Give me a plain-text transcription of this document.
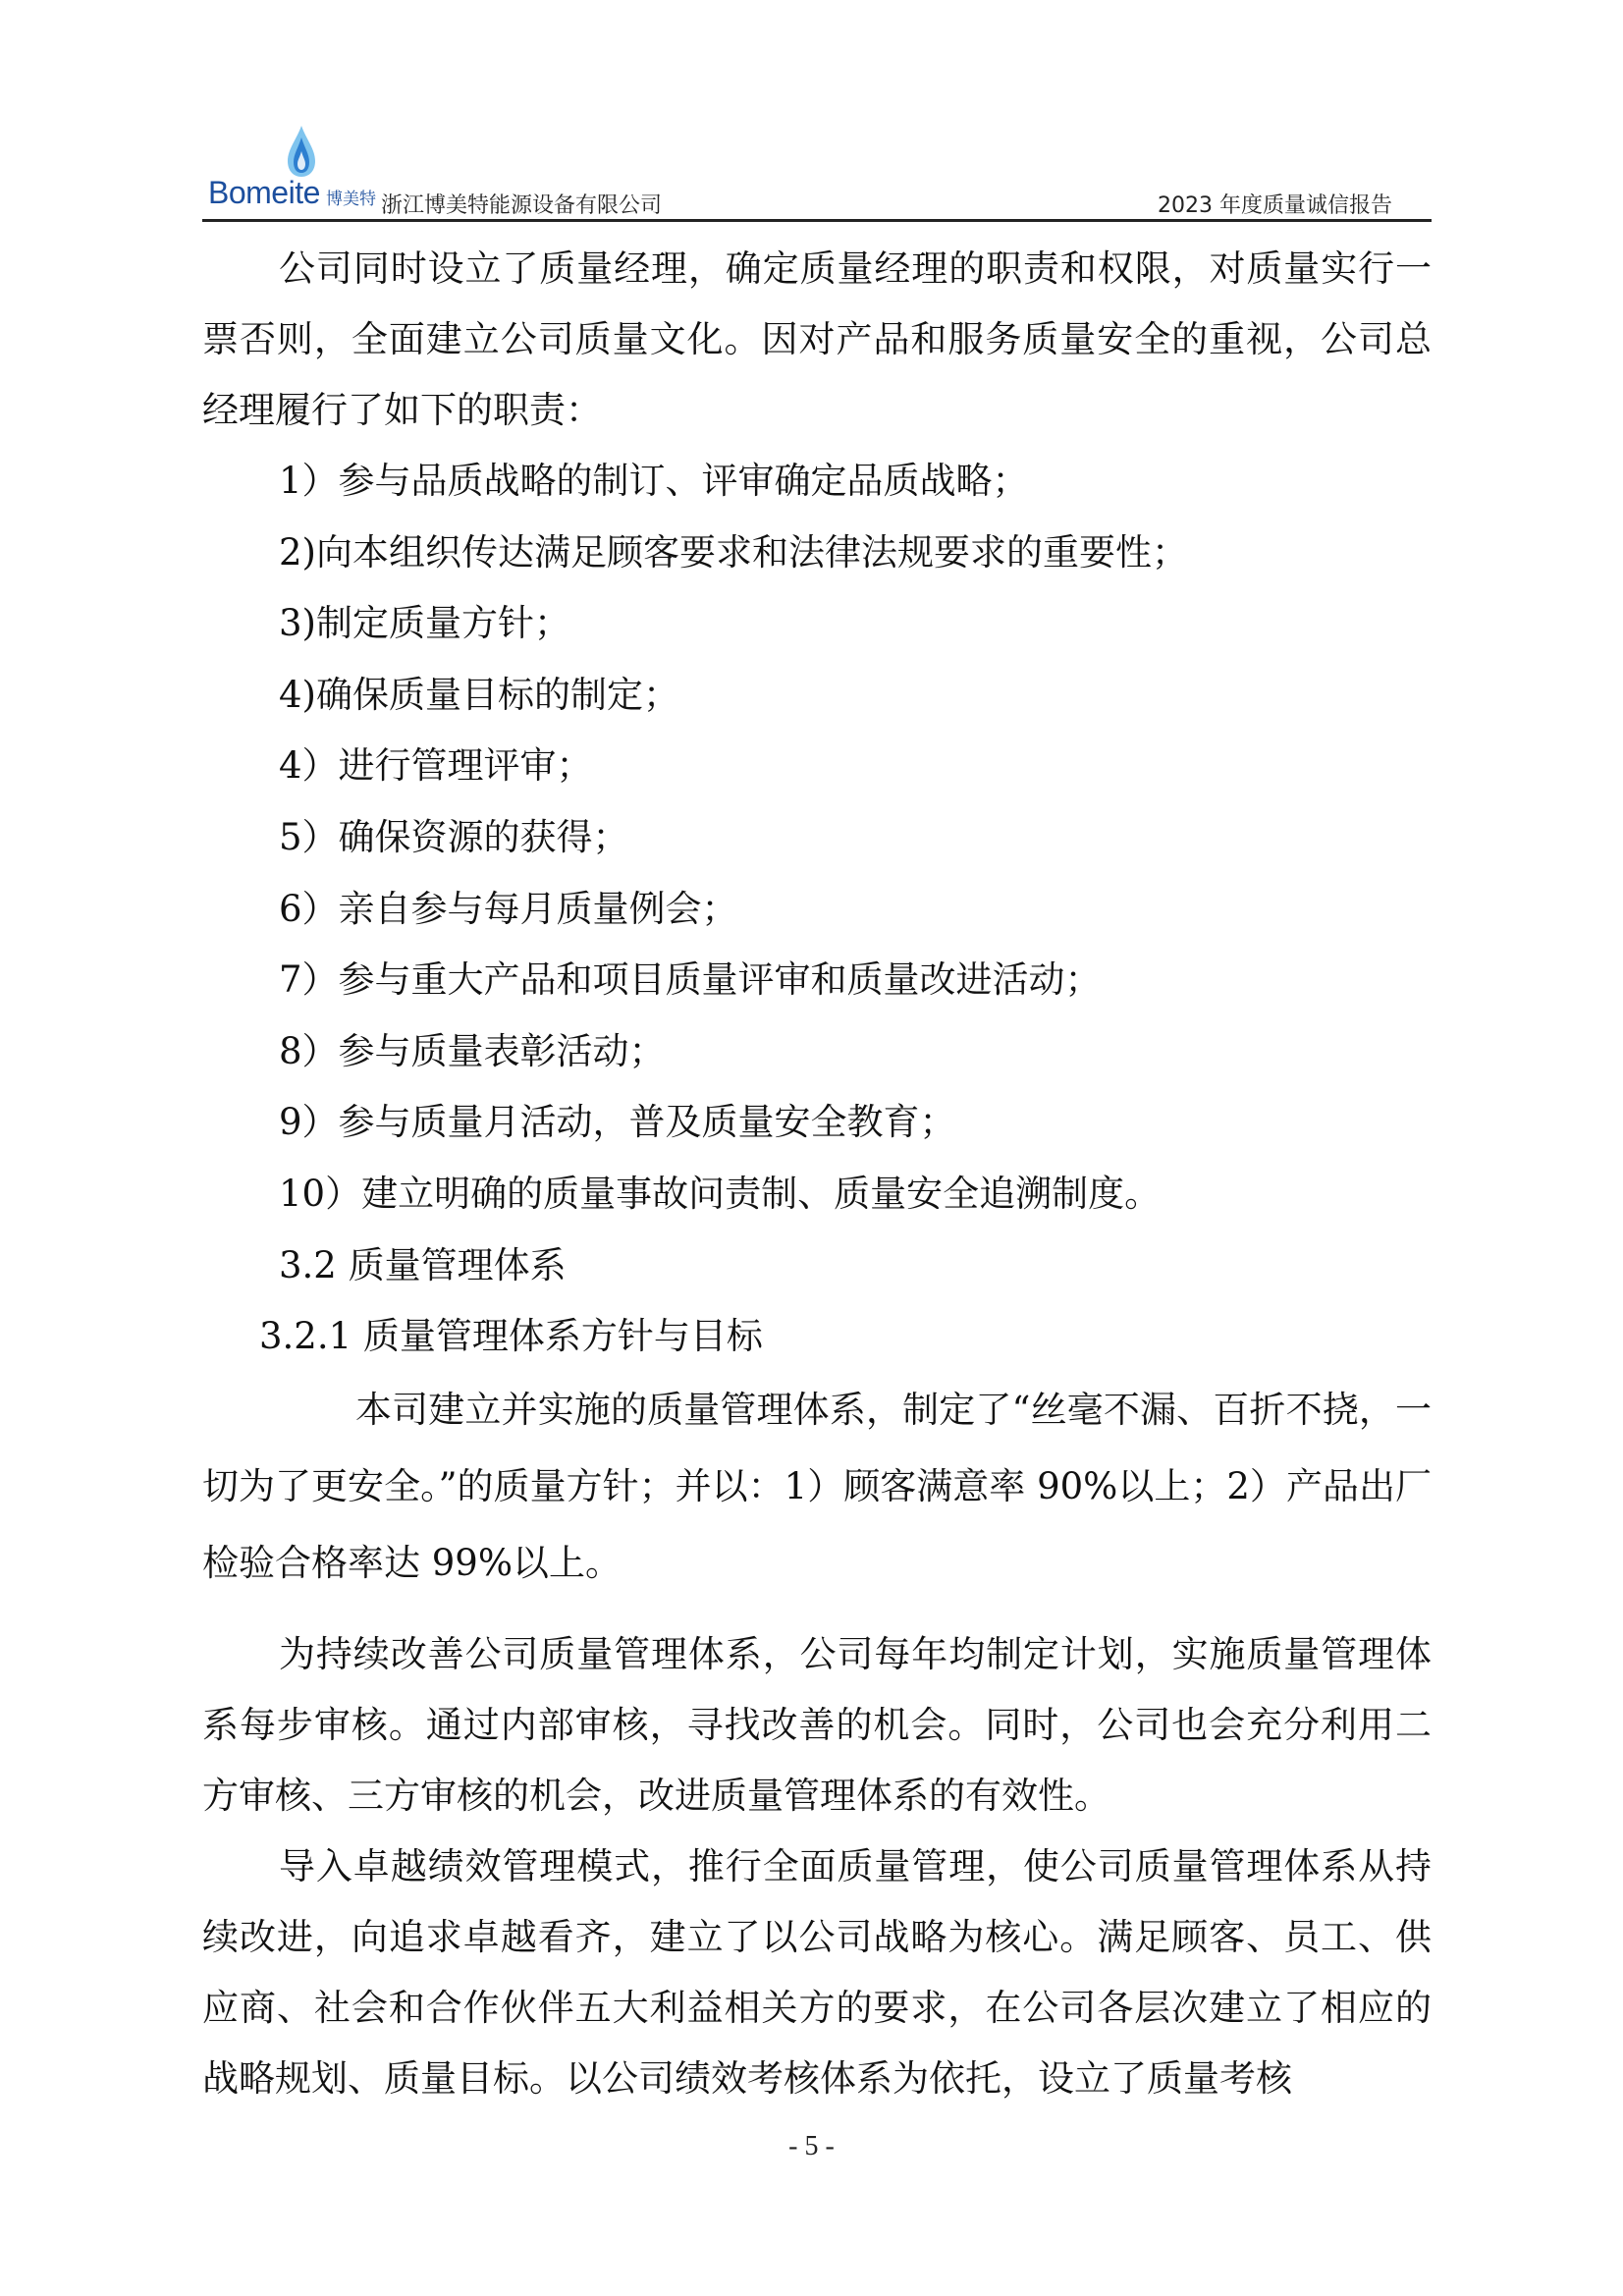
Bomeite 博美特 浙江博美特能源设备有限公司	2023 年度质量诚信报告

公司同时设立了质量经理，确定质量经理的职责和权限，对质量实行一票否则，全面建立公司质量文化。因对产品和服务质量安全的重视，公司总经理履行了如下的职责：

1）参与品质战略的制订、评审确定品质战略；

2)向本组织传达满足顾客要求和法律法规要求的重要性；

3)制定质量方针；

4)确保质量目标的制定；

4）进行管理评审；

5）确保资源的获得；

6）亲自参与每月质量例会；

7）参与重大产品和项目质量评审和质量改进活动；

8）参与质量表彰活动；

9）参与质量月活动，普及质量安全教育；

10）建立明确的质量事故问责制、质量安全追溯制度。

3.2 质量管理体系

3.2.1 质量管理体系方针与目标

本司建立并实施的质量管理体系，制定了“丝毫不漏、百折不挠，一切为了更安全。”的质量方针；并以：1）顾客满意率 90%以上；2）产品出厂检验合格率达 99%以上。

为持续改善公司质量管理体系，公司每年均制定计划，实施质量管理体系每步审核。通过内部审核，寻找改善的机会。同时，公司也会充分利用二方审核、三方审核的机会，改进质量管理体系的有效性。

导入卓越绩效管理模式，推行全面质量管理，使公司质量管理体系从持续改进，向追求卓越看齐，建立了以公司战略为核心。满足顾客、员工、供应商、社会和合作伙伴五大利益相关方的要求，在公司各层次建立了相应的战略规划、质量目标。以公司绩效考核体系为依托，设立了质量考核

- 5 -
